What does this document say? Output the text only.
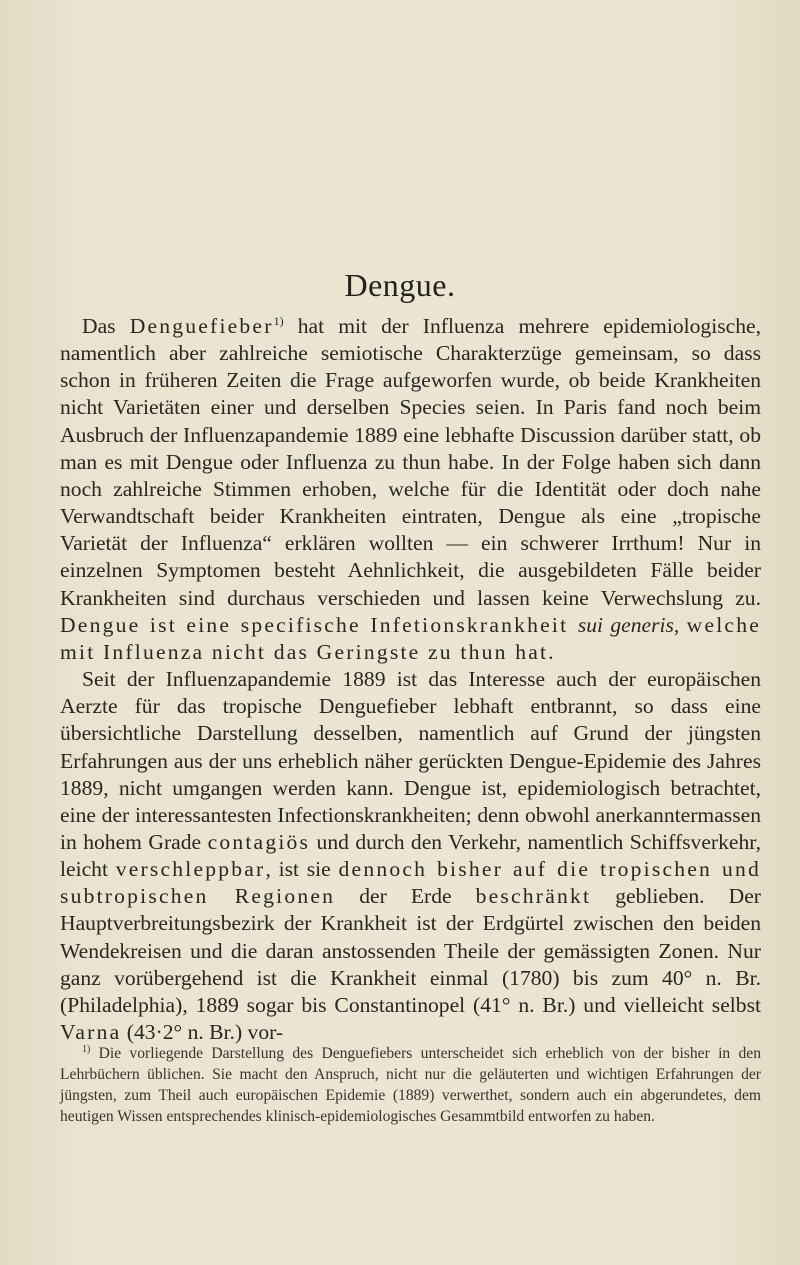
Dengue.

Das Denguefieber$^{1)}$ hat mit der Influenza mehrere epidemiologische, namentlich aber zahlreiche semiotische Charakterzüge gemeinsam, so dass schon in früheren Zeiten die Frage aufgeworfen wurde, ob beide Krankheiten nicht Varietäten einer und derselben Species seien. In Paris fand noch beim Ausbruch der Influenzapandemie 1889 eine lebhafte Discussion darüber statt, ob man es mit Dengue oder Influenza zu thun habe. In der Folge haben sich dann noch zahlreiche Stimmen erhoben, welche für die Identität oder doch nahe Verwandtschaft beider Krankheiten eintraten, Dengue als eine „tropische Varietät der Influenza“ erklären wollten — ein schwerer Irrthum! Nur in einzelnen Symptomen besteht Aehnlichkeit, die ausgebildeten Fälle beider Krankheiten sind durchaus verschieden und lassen keine Verwechslung zu. Dengue ist eine specifische Infetionskrankheit sui generis, welche mit Influenza nicht das Geringste zu thun hat.

Seit der Influenzapandemie 1889 ist das Interesse auch der europäischen Aerzte für das tropische Denguefieber lebhaft entbrannt, so dass eine übersichtliche Darstellung desselben, namentlich auf Grund der jüngsten Erfahrungen aus der uns erheblich näher gerückten Dengue-Epidemie des Jahres 1889, nicht umgangen werden kann. Dengue ist, epidemiologisch betrachtet, eine der interessantesten Infectionskrankheiten; denn obwohl anerkanntermassen in hohem Grade contagiös und durch den Verkehr, namentlich Schiffsverkehr, leicht verschleppbar, ist sie dennoch bisher auf die tropischen und subtropischen Regionen der Erde beschränkt geblieben. Der Hauptverbreitungsbezirk der Krankheit ist der Erdgürtel zwischen den beiden Wendekreisen und die daran anstossenden Theile der gemässigten Zonen. Nur ganz vorübergehend ist die Krankheit einmal (1780) bis zum 40° n. Br. (Philadelphia), 1889 sogar bis Constantinopel (41° n. Br.) und vielleicht selbst Varna (43·2° n. Br.) vor-

$^{1)}$ Die vorliegende Darstellung des Denguefiebers unterscheidet sich erheblich von der bisher in den Lehrbüchern üblichen. Sie macht den Anspruch, nicht nur die geläuterten und wichtigen Erfahrungen der jüngsten, zum Theil auch europäischen Epidemie (1889) verwerthet, sondern auch ein abgerundetes, dem heutigen Wissen entsprechendes klinisch-epidemiologisches Gesammtbild entworfen zu haben.
